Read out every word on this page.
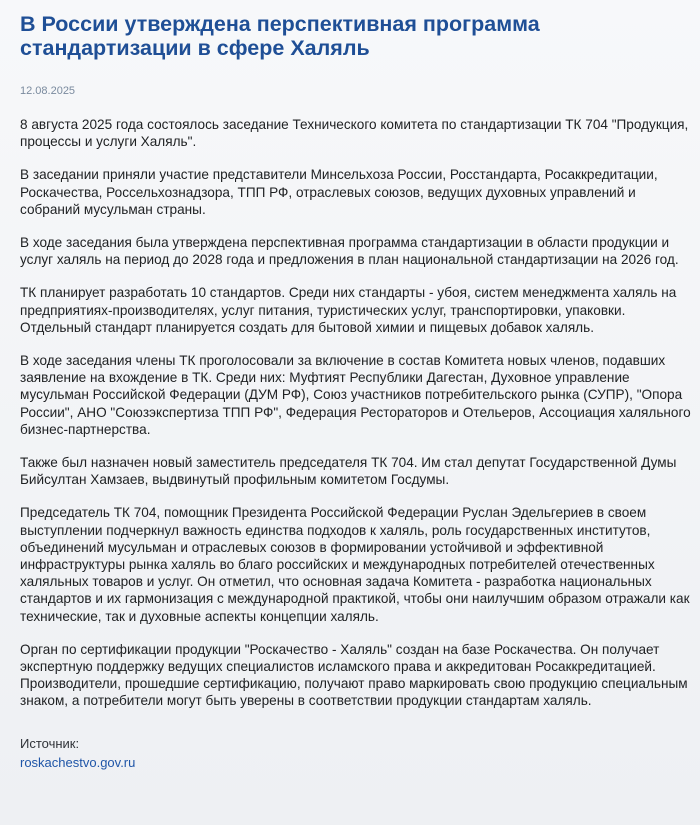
В России утверждена перспективная программа стандартизации в сфере Халяль
12.08.2025

8 августа 2025 года состоялось заседание Технического комитета по стандартизации ТК 704 "Продукция, процессы и услуги Халяль".

В заседании приняли участие представители Минсельхоза России, Росстандарта, Росаккредитации, Роскачества, Россельхознадзора, ТПП РФ, отраслевых союзов, ведущих духовных управлений и собраний мусульман страны.

В ходе заседания была утверждена перспективная программа стандартизации в области продукции и услуг халяль на период до 2028 года и предложения в план национальной стандартизации на 2026 год.

ТК планирует разработать 10 стандартов. Среди них стандарты - убоя, систем менеджмента халяль на предприятиях-производителях, услуг питания, туристических услуг, транспортировки, упаковки. Отдельный стандарт планируется создать для бытовой химии и пищевых добавок халяль.

В ходе заседания члены ТК проголосовали за включение в состав Комитета новых членов, подавших заявление на вхождение в ТК. Среди них: Муфтият Республики Дагестан, Духовное управление мусульман Российской Федерации (ДУМ РФ), Союз участников потребительского рынка (СУПР), "Опора России", АНО "Союзэкспертиза ТПП РФ", Федерация Рестораторов и Отельеров, Ассоциация халяльного бизнес-партнерства.

Также был назначен новый заместитель председателя ТК 704. Им стал депутат Государственной Думы Бийсултан Хамзаев, выдвинутый профильным комитетом Госдумы.

Председатель ТК 704, помощник Президента Российской Федерации Руслан Эдельгериев в своем выступлении подчеркнул важность единства подходов к халяль, роль государственных институтов, объединений мусульман и отраслевых союзов в формировании устойчивой и эффективной инфраструктуры рынка халяль во благо российских и международных потребителей отечественных халяльных товаров и услуг. Он отметил, что основная задача Комитета - разработка национальных стандартов и их гармонизация с международной практикой, чтобы они наилучшим образом отражали как технические, так и духовные аспекты концепции халяль.

Орган по сертификации продукции "Роскачество - Халяль" создан на базе Роскачества. Он получает экспертную поддержку ведущих специалистов исламского права и аккредитован Росаккредитацией. Производители, прошедшие сертификацию, получают право маркировать свою продукцию специальным знаком, а потребители могут быть уверены в соответствии продукции стандартам халяль.

Источник:
roskachestvo.gov.ru
